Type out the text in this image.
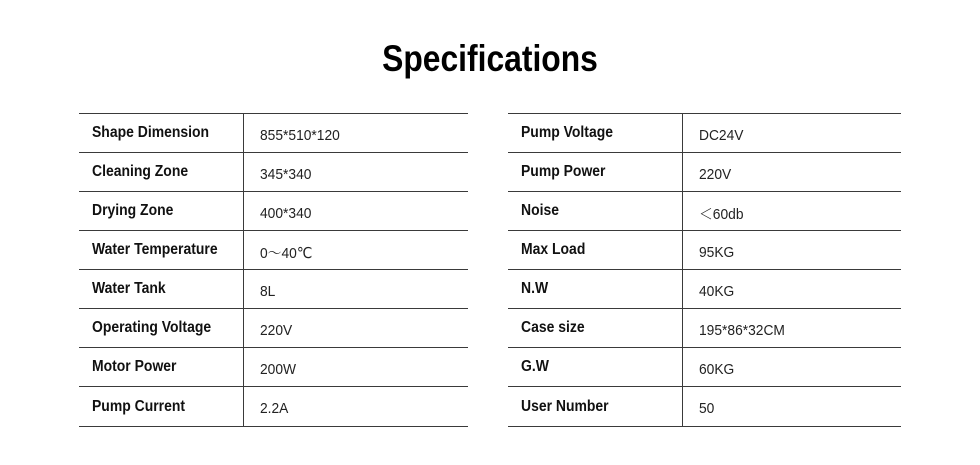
Specifications
Shape Dimension	855*510*120
Cleaning Zone	345*340
Drying Zone	400*340
Water Temperature	0～40℃
Water Tank	8L
Operating Voltage	220V
Motor Power	200W
Pump Current	2.2A
Pump Voltage	DC24V
Pump Power	220V
Noise	＜60db
Max Load	95KG
N.W	40KG
Case size	195*86*32CM
G.W	60KG
User Number	50
